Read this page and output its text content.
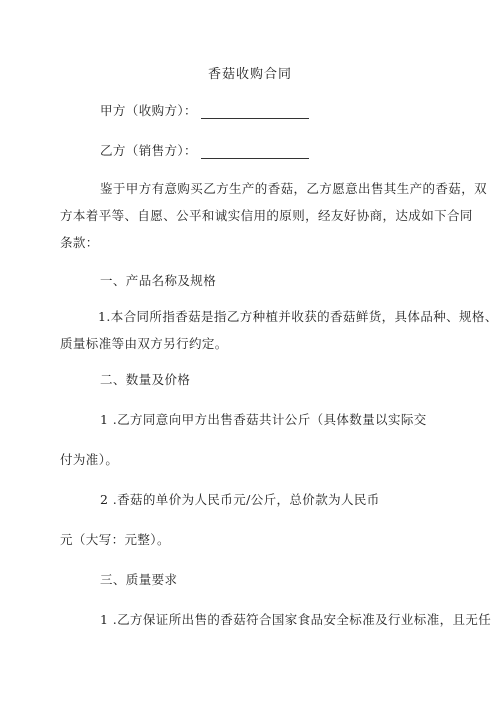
香菇收购合同
甲方（收购方）：
乙方（销售方）：
鉴于甲方有意购买乙方生产的香菇，乙方愿意出售其生产的香菇，双
方本着平等、自愿、公平和诚实信用的原则，经友好协商，达成如下合同
条款：
一、产品名称及规格
1.本合同所指香菇是指乙方种植并收获的香菇鲜货，具体品种、规格、
质量标准等由双方另行约定。
二、数量及价格
1 .乙方同意向甲方出售香菇共计公斤（具体数量以实际交
付为准）。
2 .香菇的单价为人民币元/公斤，总价款为人民币
元（大写：元整）。
三、质量要求
1 .乙方保证所出售的香菇符合国家食品安全标准及行业标准，且无任
